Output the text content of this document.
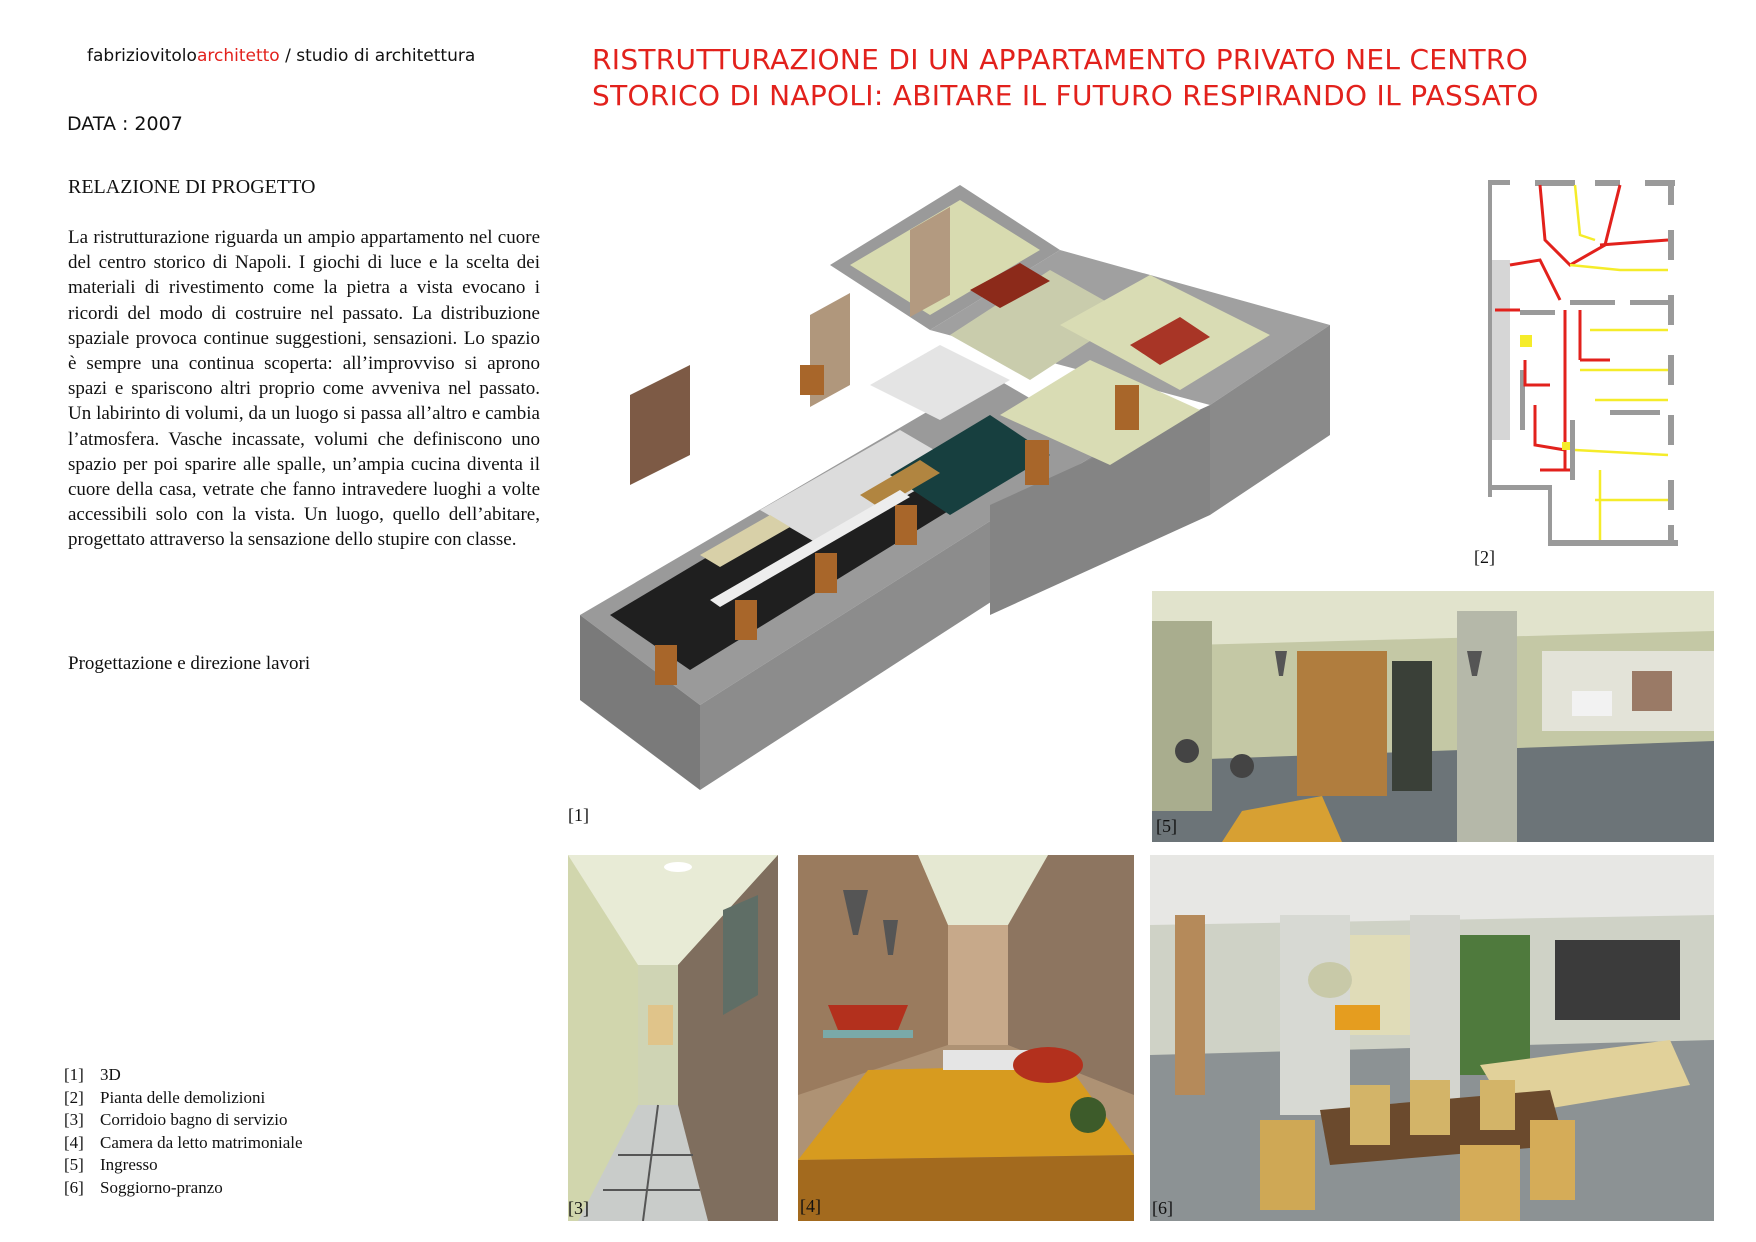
fabriziovitoloarchitetto / studio di architettura
DATA : 2007
RISTRUTTURAZIONE DI UN APPARTAMENTO PRIVATO NEL CENTRO
STORICO DI NAPOLI: ABITARE IL FUTURO RESPIRANDO IL PASSATO
RELAZIONE DI PROGETTO
La ristrutturazione riguarda un ampio appartamento nel cuore del centro storico di Napoli. I giochi di luce e la scelta dei materiali di rivestimento come la pietra a vista evocano i ricordi del modo di costruire nel passato. La distribuzione spaziale provoca continue suggestioni, sensazioni. Lo spazio è sempre una continua scoperta: all’improvviso si aprono spazi e spariscono altri proprio come avveniva nel passato. Un labirinto di volumi, da un luogo si passa all’altro e cambia l’atmosfera. Vasche incassate, volumi che definiscono uno spazio per poi sparire alle spalle, un’ampia cucina diventa il cuore della casa, vetrate che fanno intravedere luoghi a volte accessibili solo con la vista. Un luogo, quello dell’abitare, progettato attraverso la sensazione dello stupire con classe.
Progettazione e direzione lavori
[1] 3D
[2] Pianta delle demolizioni
[3] Corridoio bagno di servizio
[4] Camera da letto matrimoniale
[5] Ingresso
[6] Soggiorno-pranzo
[1]
[2]
[5]
[3]	[4]	[6]
